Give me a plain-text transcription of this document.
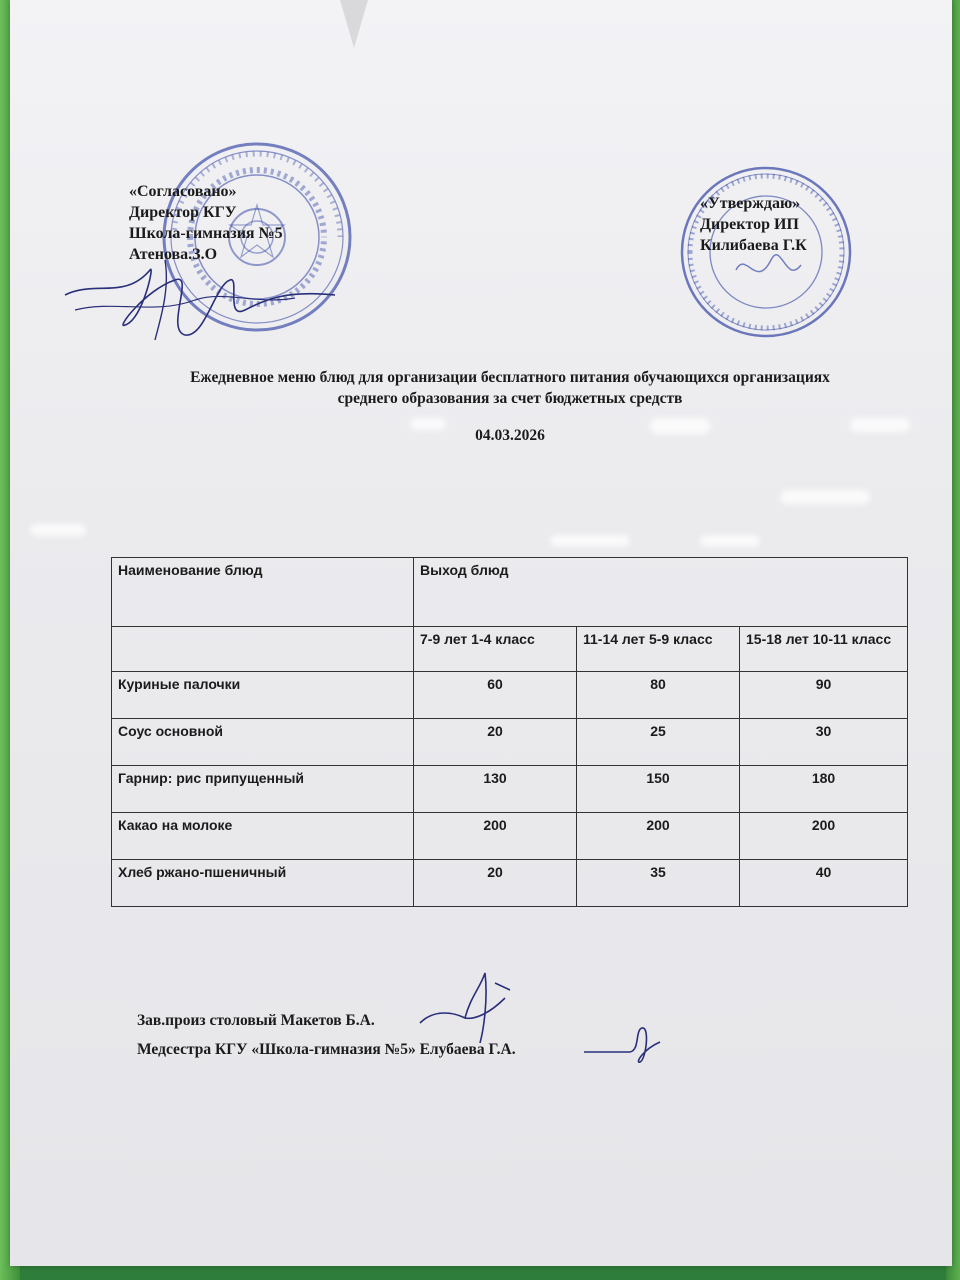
«Согласовано»
Директор КГУ
Школа-гимназия №5
Атенова.З.О
«Утверждаю»
Директор ИП
Килибаева Г.К
Ежедневное меню блюд для организации бесплатного питания обучающихся организациях
среднего образования за счет бюджетных средств
04.03.2026
Наименование блюд	Выход блюд		
	7-9 лет 1-4 класс	11-14 лет 5-9 класс	15-18 лет 10-11 класс
Куриные палочки	60	80	90
Соус основной	20	25	30
Гарнир: рис припущенный	130	150	180
Какао на молоке	200	200	200
Хлеб ржано-пшеничный	20	35	40
Зав.произ столовый Макетов Б.А.
Медсестра КГУ «Школа-гимназия №5» Елубаева Г.А.
